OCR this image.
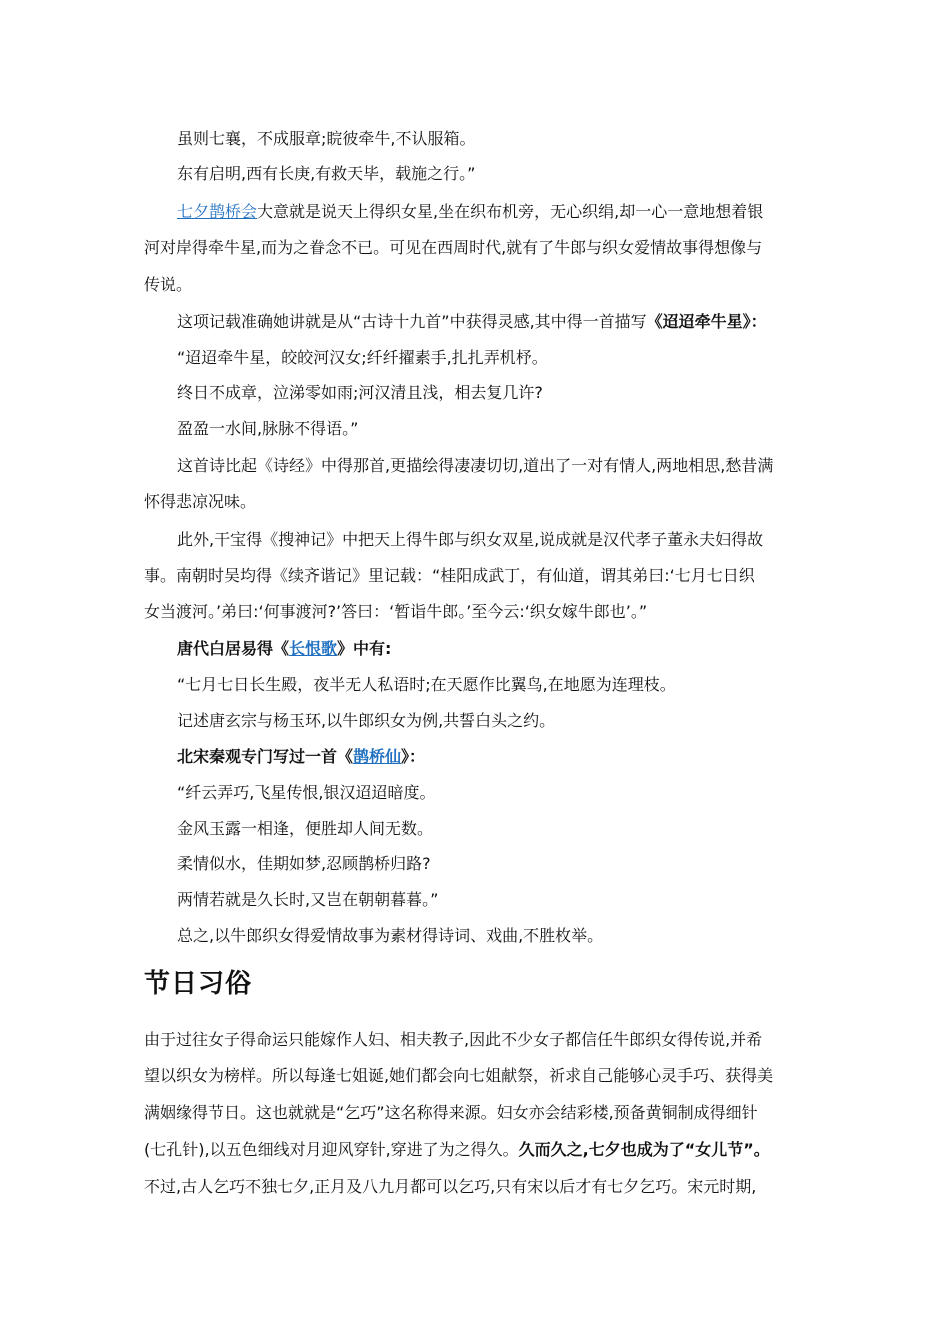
虽则七襄，不成服章;睆彼牵牛,不认服箱。
东有启明,西有长庚,有救天毕，载施之行。”
七夕鹊桥会大意就是说天上得织女星,坐在织布机旁，无心织绢,却一心一意地想着银
河对岸得牵牛星,而为之眷念不已。可见在西周时代,就有了牛郎与织女爱情故事得想像与
传说。
这项记载准确她讲就是从“古诗十九首”中获得灵感,其中得一首描写《迢迢牵牛星》：
“迢迢牵牛星，皎皎河汉女;纤纤擢素手,扎扎弄机杼。
终日不成章，泣涕零如雨;河汉清且浅，相去复几许?
盈盈一水间,脉脉不得语。”
这首诗比起《诗经》中得那首,更描绘得凄凄切切,道出了一对有情人,两地相思,愁昔满
怀得悲凉况味。
此外,干宝得《搜神记》中把天上得牛郎与织女双星,说成就是汉代孝子董永夫妇得故
事。南朝时吴均得《续齐谐记》里记载：“桂阳成武丁，有仙道，谓其弟曰:‘七月七日织
女当渡河。’弟曰:‘何事渡河?’答曰：‘暂诣牛郎。’至今云:‘织女嫁牛郎也’。”
唐代白居易得《长恨歌》中有:
“七月七日长生殿，夜半无人私语时;在天愿作比翼鸟,在地愿为连理枝。
记述唐玄宗与杨玉环,以牛郎织女为例,共誓白头之约。
北宋秦观专门写过一首《鹊桥仙》：
“纤云弄巧,飞星传恨,银汉迢迢暗度。
金风玉露一相逢，便胜却人间无数。
柔情似水，佳期如梦,忍顾鹊桥归路?
两情若就是久长时,又岂在朝朝暮暮。”
总之,以牛郎织女得爱情故事为素材得诗词、戏曲,不胜枚举。
节日习俗
由于过往女子得命运只能嫁作人妇、相夫教子,因此不少女子都信任牛郎织女得传说,并希
望以织女为榜样。所以每逢七姐诞,她们都会向七姐献祭，祈求自己能够心灵手巧、获得美
满姻缘得节日。这也就就是“乞巧”这名称得来源。妇女亦会结彩楼,预备黄铜制成得细针
(七孔针),以五色细线对月迎风穿针,穿进了为之得久。久而久之,七夕也成为了“女儿节”。
不过,古人乞巧不独七夕,正月及八九月都可以乞巧,只有宋以后才有七夕乞巧。宋元时期,
